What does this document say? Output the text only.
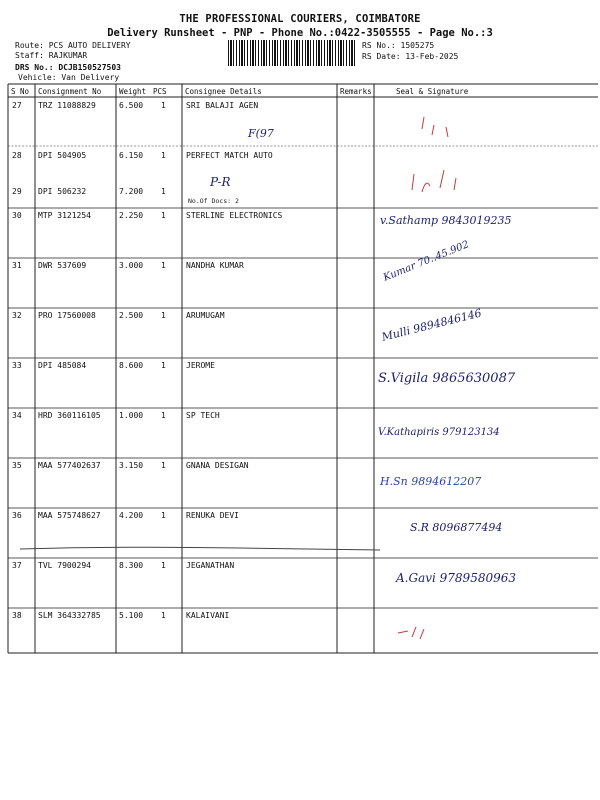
THE PROFESSIONAL COURIERS, COIMBATORE
Delivery Runsheet - PNP - Phone No.:0422-3505555 - Page No.:3
Route: PCS AUTO DELIVERY
Staff: RAJKUMAR
DRS No.: DCJB150527503
Vehicle: Van Delivery
RS No.: 1505275
RS Date: 13-Feb-2025
S No Consignment No Weight PCS Consignee Details	Remarks	Seal & Signature
27 TRZ 11088829	6.500 1	SRI BALAJI AGEN
F(97
28 DPI 504905	6.150 1	PERFECT MATCH AUTO
29 DPI 506232	7.200 1
No.Of Docs: 2
P-R
30 MTP 3121254	2.250 1	STERLINE ELECTRONICS	v.Sathamp 9843019235
31 DWR 537609	3.000 1	NANDHA KUMAR	Kumar 70..45.902
32 PRO 17560008	2.500 1	ARUMUGAM	Mulli 9894846146
33 DPI 485084	8.600 1	JEROME
S.Vigila 9865630087
34 HRD 360116105 1.000 1	SP TECH
V.Kathapiris 979123134
35 MAA 577402637 3.150 1	GNANA DESIGAN
H.Sn 9894612207
36 MAA 575748627 4.200 1	RENUKA DEVI
S.R 8096877494
37 TVL 7900294	8.300 1	JEGANATHAN
A.Gavi 9789580963
38 SLM 364332785 5.100 1	KALAIVANI
